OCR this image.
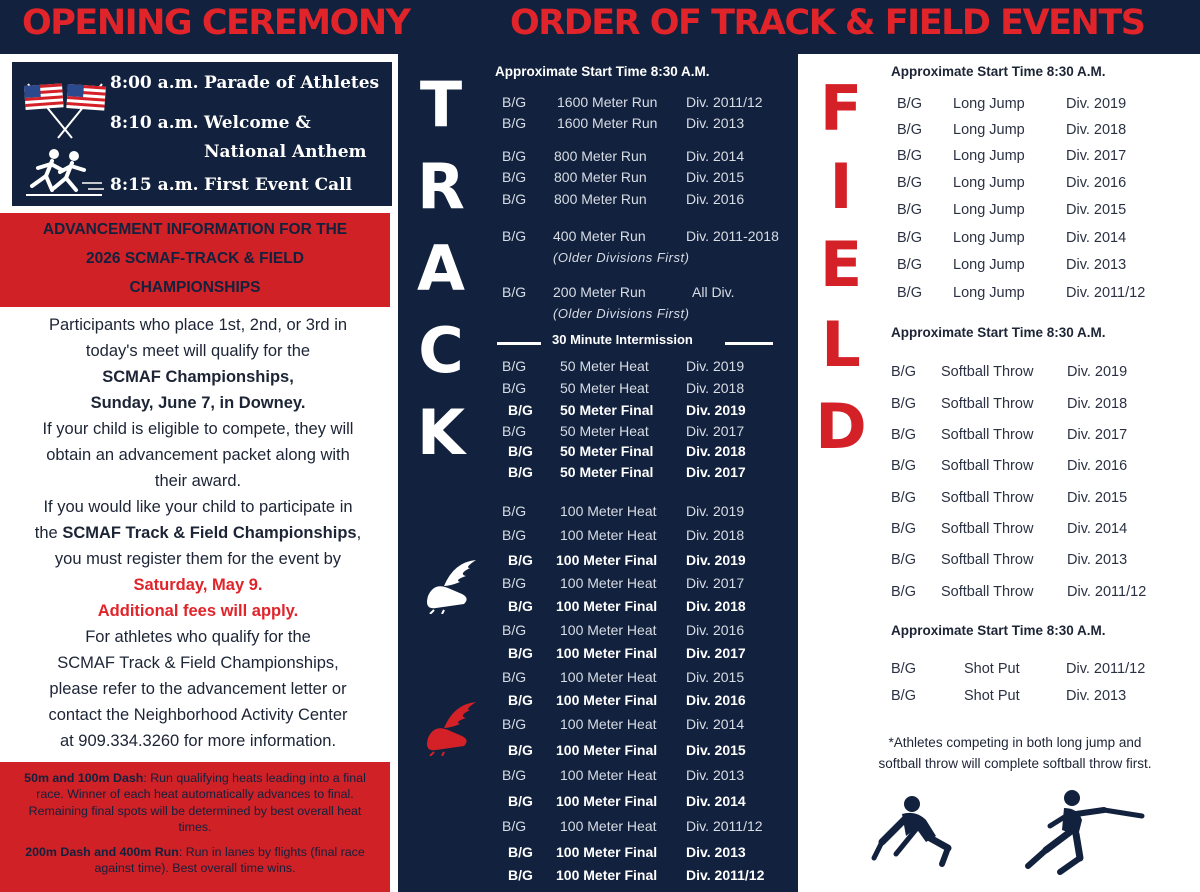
OPENING CEREMONY	ORDER OF TRACK & FIELD EVENTS
8:00 a.m. Parade of Athletes
8:10 a.m. Welcome &
National Anthem
8:15 a.m. First Event Call
ADVANCEMENT INFORMATION FOR THE
2026 SCMAF-TRACK & FIELD
CHAMPIONSHIPS
Participants who place 1st, 2nd, or 3rd in
today's meet will qualify for the
SCMAF Championships,
Sunday, June 7, in Downey.
If your child is eligible to compete, they will
obtain an advancement packet along with
their award.
If you would like your child to participate in
the SCMAF Track & Field Championships,
you must register them for the event by
Saturday, May 9.
Additional fees will apply.
For athletes who qualify for the
SCMAF Track & Field Championships,
please refer to the advancement letter or
contact the Neighborhood Activity Center
at 909.334.3260 for more information.
50m and 100m Dash: Run qualifying heats leading into a final race. Winner of each heat automatically advances to final. Remaining final spots will be determined by best overall heat times.
200m Dash and 400m Run: Run in lanes by flights (final race against time). Best overall time wins.
T
R
A
C
K
Approximate Start Time 8:30 A.M.
30 Minute Intermission
(Older Divisions First)
(Older Divisions First)
B/G 1600 Meter Run Div. 2011/12
B/G 1600 Meter Run Div. 2013
B/G 800 Meter Run	Div. 2014
B/G 800 Meter Run	Div. 2015
B/G 800 Meter Run	Div. 2016
B/G 400 Meter Run	Div. 2011-2018
B/G 200 Meter Run	All Div.
B/G 50 Meter Heat	Div. 2019
B/G 50 Meter Heat	Div. 2018
B/G 50 Meter Final Div. 2019
B/G 50 Meter Heat	Div. 2017
B/G 50 Meter Final Div. 2018
B/G 50 Meter Final Div. 2017
B/G 100 Meter Heat Div. 2019
B/G 100 Meter Heat Div. 2018
B/G 100 Meter Final Div. 2019
B/G 100 Meter Heat Div. 2017
B/G 100 Meter Final Div. 2018
B/G 100 Meter Heat Div. 2016
B/G 100 Meter Final Div. 2017
B/G 100 Meter Heat Div. 2015
B/G 100 Meter Final Div. 2016
B/G 100 Meter Heat Div. 2014
B/G 100 Meter Final Div. 2015
B/G 100 Meter Heat Div. 2013
B/G 100 Meter Final Div. 2014
B/G 100 Meter Heat Div. 2011/12
B/G 100 Meter Final Div. 2013
B/G 100 Meter Final Div. 2011/12
F
I
E
L
D
Approximate Start Time 8:30 A.M.
Approximate Start Time 8:30 A.M.
Approximate Start Time 8:30 A.M.
B/G Long Jump	Div. 2019
B/G Long Jump	Div. 2018
B/G Long Jump	Div. 2017
B/G Long Jump	Div. 2016
B/G Long Jump	Div. 2015
B/G Long Jump	Div. 2014
B/G Long Jump	Div. 2013
B/G Long Jump	Div. 2011/12
B/G Softball Throw Div. 2019
B/G Softball Throw Div. 2018
B/G Softball Throw Div. 2017
B/G Softball Throw Div. 2016
B/G Softball Throw Div. 2015
B/G Softball Throw Div. 2014
B/G Softball Throw Div. 2013
B/G Softball Throw Div. 2011/12
B/G	Shot Put	Div. 2011/12
B/G	Shot Put	Div. 2013
*Athletes competing in both long jump and
softball throw will complete softball throw first.
